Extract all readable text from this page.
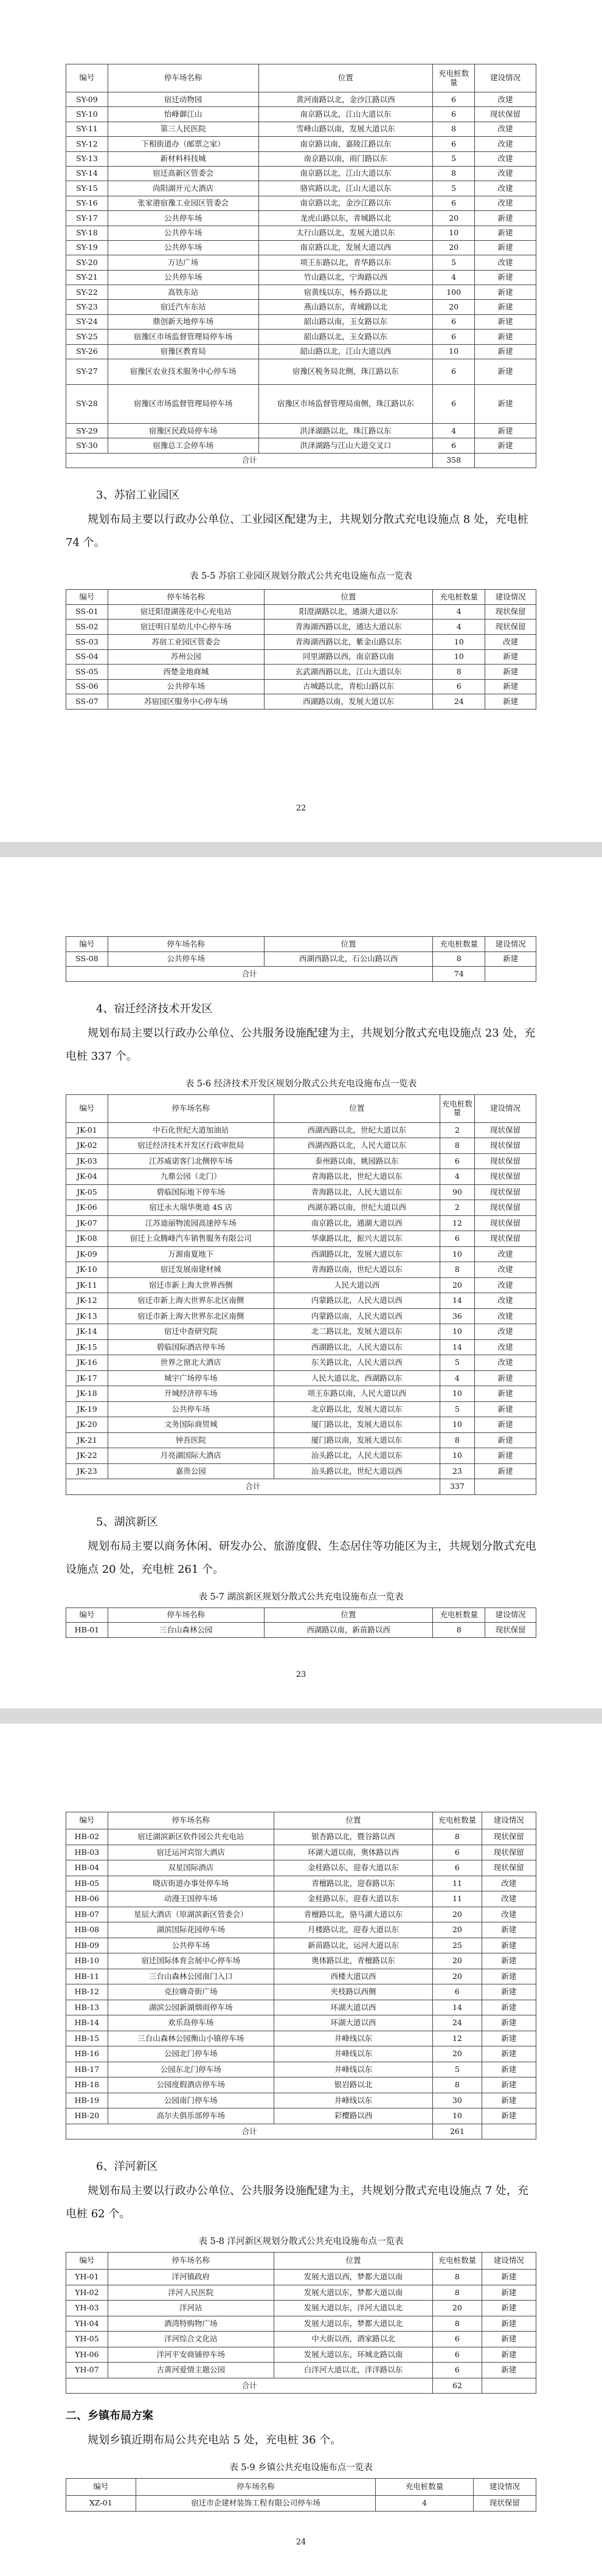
编号	停车场名称	位置	充电桩数量	建设情况
SY-09	宿迁动物园	黄河南路以北，金沙江路以西	6	改建
SY-10	怡峰御江山	南京路以北，江山大道以东	6	现状保留
SY-11	第三人民医院	雪峰山路以南，发展大道以东	8	改建
SY-12	下相街道办（邮票之家）	南京路以南，嘉陵江路以东	6	改建
SY-13	新材料科技城	南京路以南，雨门路以东	5	改建
SY-14	宿迁高新区管委会	南京路以北，江山大道以东	8	改建
SY-15	尚阳湖开元大酒店	骆宾路以北，江山大道以东	5	改建
SY-16	张家港宿豫工业园区管委会	南京路以北，金沙江路以东	6	改建
SY-17	公共停车场	龙虎山路以东，青城路以北	20	新建
SY-18	公共停车场	太行山路以北，发展大道以东	10	新建
SY-19	公共停车场	南京路以北，发展大道以西	20	新建
SY-20	万达广场	项王东路以北，青华路以东	5	改建
SY-21	公共停车场	竹山路以北，宁海路以西	4	新建
SY-22	高铁东站	宿黄线以东，杨乔路以北	100	新建
SY-23	宿迁汽车东站	燕山路以东，青城路以北	20	新建
SY-24	鼎创新天地停车场	韶山路以南，玉女路以东	6	新建
SY-25	宿豫区市场监督管理局停车场	韶山路以北，玉女路以东	6	新建
SY-26	宿豫区教育局	韶山路以北，江山大道以西	10	新建
SY-27	宿豫区农业技术服务中心停车场	宿豫区税务局北侧，珠江路以东	6	新建
SY-28	宿豫区市场监督管理局停车场	宿豫区市场监督管理局南侧，珠江路以东	6	新建
SY-29	宿豫区民政局停车场	洪泽湖路以北，珠江路以东	4	新建
SY-30	宿豫总工会停车场	洪泽湖路与江山大道交叉口	6	新建
合计			358	
3、苏宿工业园区

规划布局主要以行政办公单位、工业园区配建为主，共规划分散式充电设施点 8 处，充电桩 74 个。

表 5-5 苏宿工业园区规划分散式公共充电设施布点一览表
编号	停车场名称	位置	充电桩数量	建设情况
SS-01	宿迁阳澄湖莲花中心充电站	阳澄湖路以北，通湖大道以东	4	现状保留
SS-02	宿迁明日星幼儿中心停车场	青海湖西路以北，通达大道以东	4	现状保留
SS-03	苏宿工业园区管委会	青海湖西路以北，紫金山路以东	10	改建
SS-04	苏州公园	同里湖路以西，南京路以南	10	新建
SS-05	西楚金地商城	玄武湖西路以北，江山大道以东	8	新建
SS-06	公共停车场	古城路以北，青松山路以东	6	新建
SS-07	苏宿园区服务中心停车场	西湖路以南，发展大道以东	24	新建
22
编号	停车场名称	位置	充电桩数量	建设情况
SS-08	公共停车场	西湖西路以北，石公山路以西	8	新建
合计			74	
4、宿迁经济技术开发区

规划布局主要以行政办公单位、公共服务设施配建为主，共规划分散式充电设施点 23 处，充电桩 337 个。

表 5-6 经济技术开发区规划分散式公共充电设施布点一览表
编号	停车场名称	位置	充电桩数量	建设情况
JK-01	中石化世纪大道加油站	西湖西路以北，世纪大道以东	2	现状保留
JK-02	宿迁经济技术开发区行政审批局	西湖西路以北，人民大道以东	8	现状保留
JK-03	江苏威诺客门北侧停车场	泰州路以南，姚园路以东	6	现状保留
JK-04	九鼎公园（北门）	青海路以北，世纪大道以东	4	现状保留
JK-05	碧临国际地下停车场	青海路以北，人民大道以东	90	现状保留
JK-06	宿迁永大瑞华奥迪 4S 店	西湖东路以南，世纪大道以西	2	现状保留
JK-07	江苏迪丽物流园高速停车场	南京路以北，通湖大道以西	12	现状保留
JK-08	宿迁上众腾峰汽车销售服务有限公司	华康路以北，振兴大道以东	6	现状保留
JK-09	万源南夏地下	西湖路以北，发展大道以东	10	改建
JK-10	宿迁发展南建材城	青海路以南，世纪大道以东	8	改建
JK-11	宿迁市新上海大世界西侧	人民大道以西	20	改建
JK-12	宿迁市新上海大世界东北区南侧	内蒙路以北，人民大道以西	14	改建
JK-13	宿迁市新上海大世界东北区南侧	内蒙路以南，人民大道以西	36	改建
JK-14	宿迁中查研究院	北二路以北，发展大道以东	10	改建
JK-15	碧临国际酒店停车场	西湖路以北，人民大道以东	14	改建
JK-16	世界之窗北大酒店	东关路以北，人民大道以西	5	改建
JK-17	城宇广场停车场	人民大道以北，西湖路以东	4	新建
JK-18	开城经济停车场	项王东路以南，人民大道以西	10	新建
JK-19	公共停车场	北京路以北，发展大道以东	5	新建
JK-20	文务国际商贸城	厦门路以北，发展大道以东	10	新建
JK-21	钟吾医院	厦门路以南，发展大道以东	8	新建
JK-22	月亮湖国际大酒店	汕头路以北，人民大道以东	10	新建
JK-23	嘉贵公园	汕头路以北，世纪大道以西	23	新建
合计			337	
5、湖滨新区

规划布局主要以商务休闲、研发办公、旅游度假、生态居住等功能区为主，共规划分散式充电设施点 20 处，充电桩 261 个。

表 5-7 湖滨新区规划分散式公共充电设施布点一览表
编号	停车场名称	位置	充电桩数量	建设情况
HB-01	三台山森林公园	西湖路以南，新苗路以西	8	现状保留
23
编号	停车场名称	位置	充电桩数量	建设情况
HB-02	宿迁湖滨新区软件园公共充电站	银杏路以北，暨谷路以西	8	现状保留
HB-03	宿迁运河宾馆大酒店	环湖大道以南，奥体路以西	6	现状保留
HB-04	双星国际酒店	金桂路以东，迎春大道以东	6	现状保留
HB-05	晓店街道办事处停车场	青檀路以北，迎春路以东	11	改建
HB-06	动漫王国停车场	金桂路以东，迎春大道以东	11	改建
HB-07	星辰大酒店（原湖滨新区管委会）	青檀路以北，骆马湖大道以东	20	改建
HB-08	湖滨国际花园停车场	月楼路以北，迎春大道以东	20	新建
HB-09	公共停车场	新苗路以北，运河大道以东	25	新建
HB-10	宿迁国际体育会展中心停车场	奥体路以北，青檀路以东	20	新建
HB-11	三台山森林公园南门入口	西楼大道以西	20	新建
HB-12	克拉嗨奇街广场	夹枝路以西侧	6	新建
HB-13	湖滨公园新湖烟雨停车场	环湖大道以西	14	新建
HB-14	欢乐岛停车场	环湖大道以西	24	新建
HB-15	三台山森林公园衡山小镇停车场	井峰线以东	12	新建
HB-16	公园北门停车场	井峰线以东	20	新建
HB-17	公园东北门停车场	井峰线以东	5	新建
HB-18	公园度假酒店停车场	银岩路以北	8	新建
HB-19	公园南门停车场	井峰线以东	30	新建
HB-20	高尔夫俱乐部停车场	彩樱路以西	10	新建
合计			261	
6、洋河新区

规划布局主要以行政办公单位、公共服务设施配建为主，共规划分散式充电设施点 7 处，充电桩 62 个。

表 5-8 洋河新区规划分散式公共充电设施布点一览表
编号	停车场名称	位置	充电桩数量	建设情况
YH-01	洋河镇政府	发展大道以西，梦都大道以南	8	新建
YH-02	洋河人民医院	发展大道以东，梦都大道以南	8	新建
YH-03	洋河站	发展大道以东，洋河大道以北	20	新建
YH-04	酒湾特购物广场	发展大道以东，梦都大道以北	8	新建
YH-05	洋河综合文化站	中大街以西，酒家路以北	6	新建
YH-06	洋河平安商铺停车场	发展大道以东，环城北路以南	6	新建
YH-07	古黄河爱情主题公园	白洋河大道以北，洋洋路以东	6	新建
合计			62	
二、乡镇布局方案

规划乡镇近期布局公共充电站 5 处，充电桩 36 个。

表 5-9 乡镇公共充电设施布点一览表
编号	停车场名称	充电桩数量	建设情况
XZ-01	宿迁市企建材装饰工程有限公司停车场	4	现状保留
24
